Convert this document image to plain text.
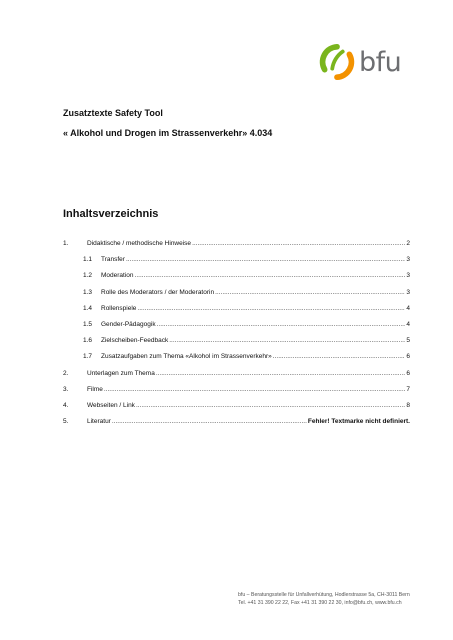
bfu
Zusatztexte Safety Tool
« Alkohol und Drogen im Strassenverkehr» 4.034
Inhaltsverzeichnis
1.	Didaktische / methodische Hinweise .....	2
1.1	Transfer .....	3
1.2	Moderation .....	3
1.3	Rolle des Moderators / der Moderatorin .....	3
1.4	Rollenspiele .....	4
1.5	Gender-Pädagogik .....	4
1.6	Zielscheiben-Feedback .....	5
1.7	Zusatzaufgaben zum Thema «Alkohol im Strassenverkehr» .....	6
2.	Unterlagen zum Thema .....	6
3.	Filme .....	7
4.	Webseiten / Link .....	8
5.	Literatur .....	Fehler! Textmarke nicht definiert.
bfu – Beratungsstelle für Unfallverhütung, Hodlerstrasse 5a, CH-3011 Bern
Tel. +41 31 390 22 22, Fax +41 31 390 22 30, info@bfu.ch, www.bfu.ch
